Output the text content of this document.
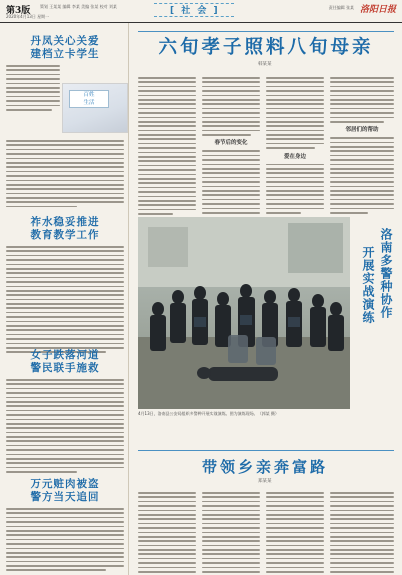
第3版 策划 王某某 编辑 李某 美编 张某 校对 刘某
2020年4月13日 星期一
[ 社 会 ]	责任编辑 张某 洛阳日报
丹凤关心关爱
建档立卡学生
百姓
生活
祚水稳妥推进
教育教学工作
女子跌落河道
警民联手施救
万元赃肉被盗
警方当天追回
六旬孝子照料八旬母亲
韩某某
春节后的变化
爱在身边
邻居们的帮助
4月13日，洛南县公安局组织多警种开展实战演练。图为演练现场。（郭某 摄）
洛南多警种协作
开展实战演练
带领乡亲奔富路
郑某某
